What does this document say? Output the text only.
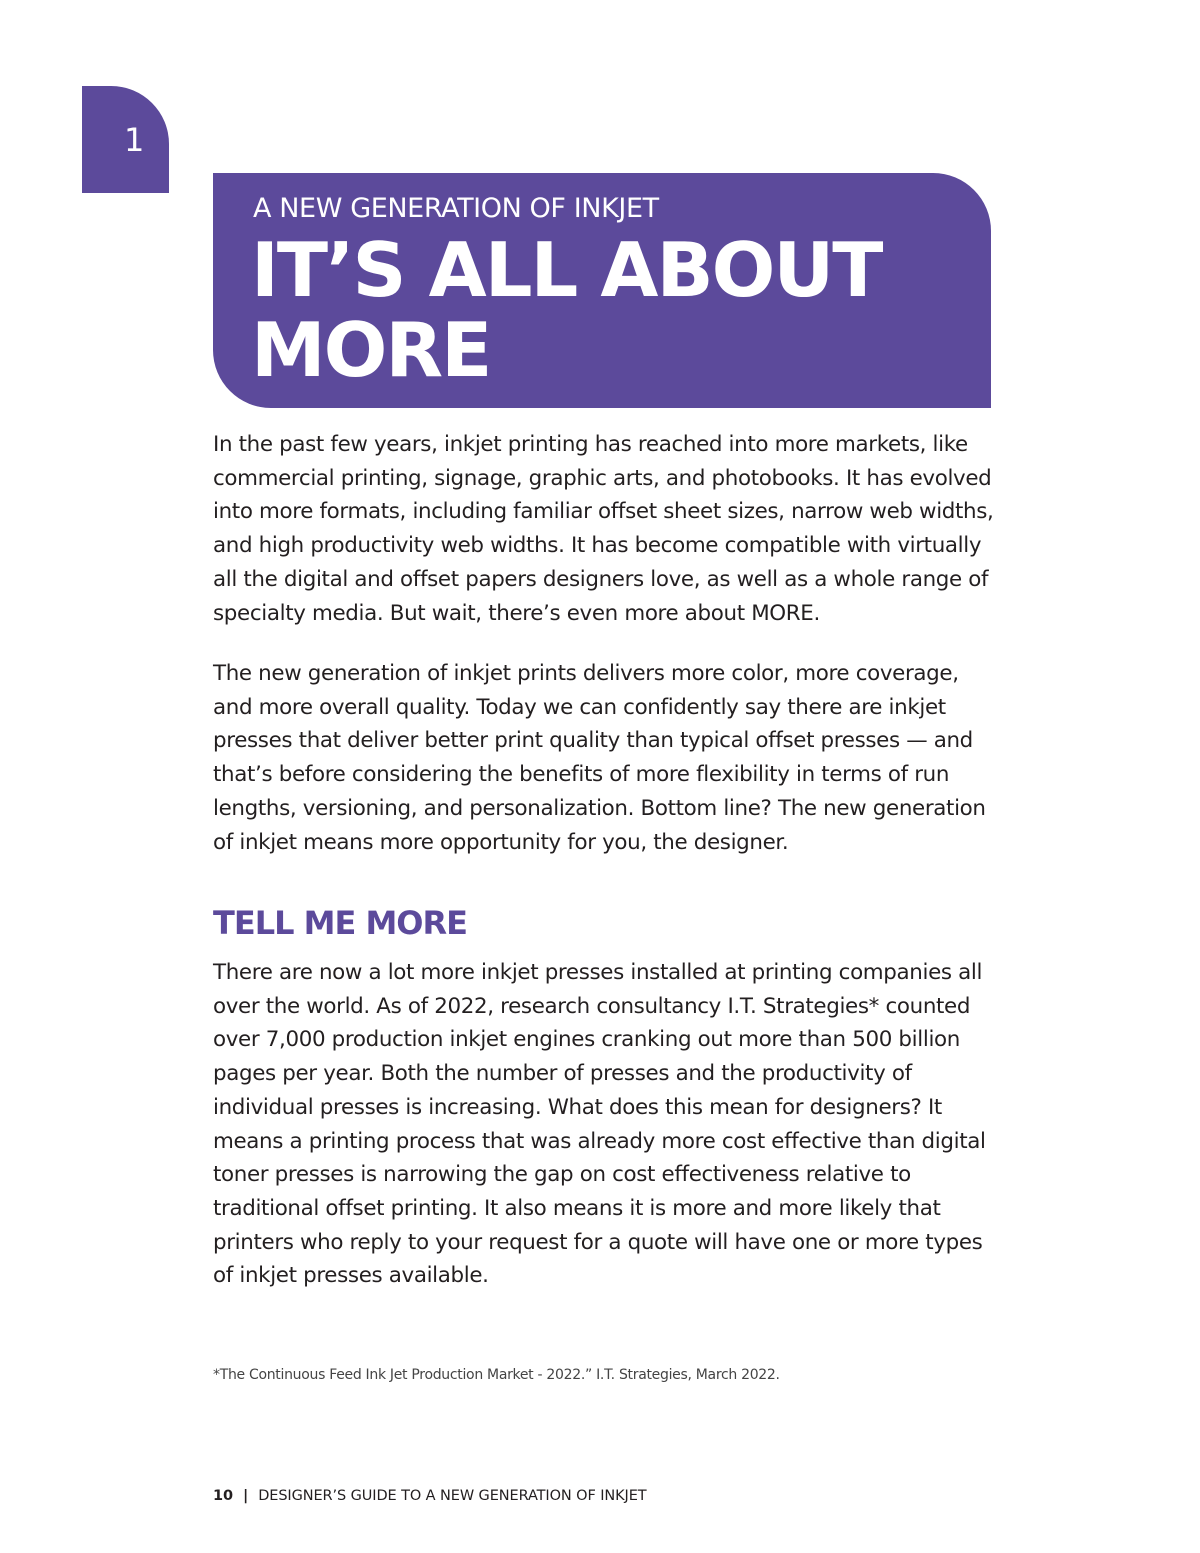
1
A NEW GENERATION OF INKJET
IT’S ALL ABOUT MORE

In the past few years, inkjet printing has reached into more markets, like commercial printing, signage, graphic arts, and photobooks. It has evolved into more formats, including familiar offset sheet sizes, narrow web widths, and high productivity web widths. It has become compatible with virtually all the digital and offset papers designers love, as well as a whole range of specialty media. But wait, there’s even more about MORE.

The new generation of inkjet prints delivers more color, more coverage, and more overall quality. Today we can confidently say there are inkjet presses that deliver better print quality than typical offset presses — and that’s before considering the benefits of more flexibility in terms of run lengths, versioning, and personalization. Bottom line? The new generation of inkjet means more opportunity for you, the designer.

TELL ME MORE

There are now a lot more inkjet presses installed at printing companies all over the world. As of 2022, research consultancy I.T. Strategies* counted over 7,000 production inkjet engines cranking out more than 500 billion pages per year. Both the number of presses and the productivity of individual presses is increasing. What does this mean for designers? It means a printing process that was already more cost effective than digital toner presses is narrowing the gap on cost effectiveness relative to traditional offset printing. It also means it is more and more likely that printers who reply to your request for a quote will have one or more types of inkjet presses available.

*The Continuous Feed Ink Jet Production Market - 2022.” I.T. Strategies, March 2022.
10 | DESIGNER’S GUIDE TO A NEW GENERATION OF INKJET
